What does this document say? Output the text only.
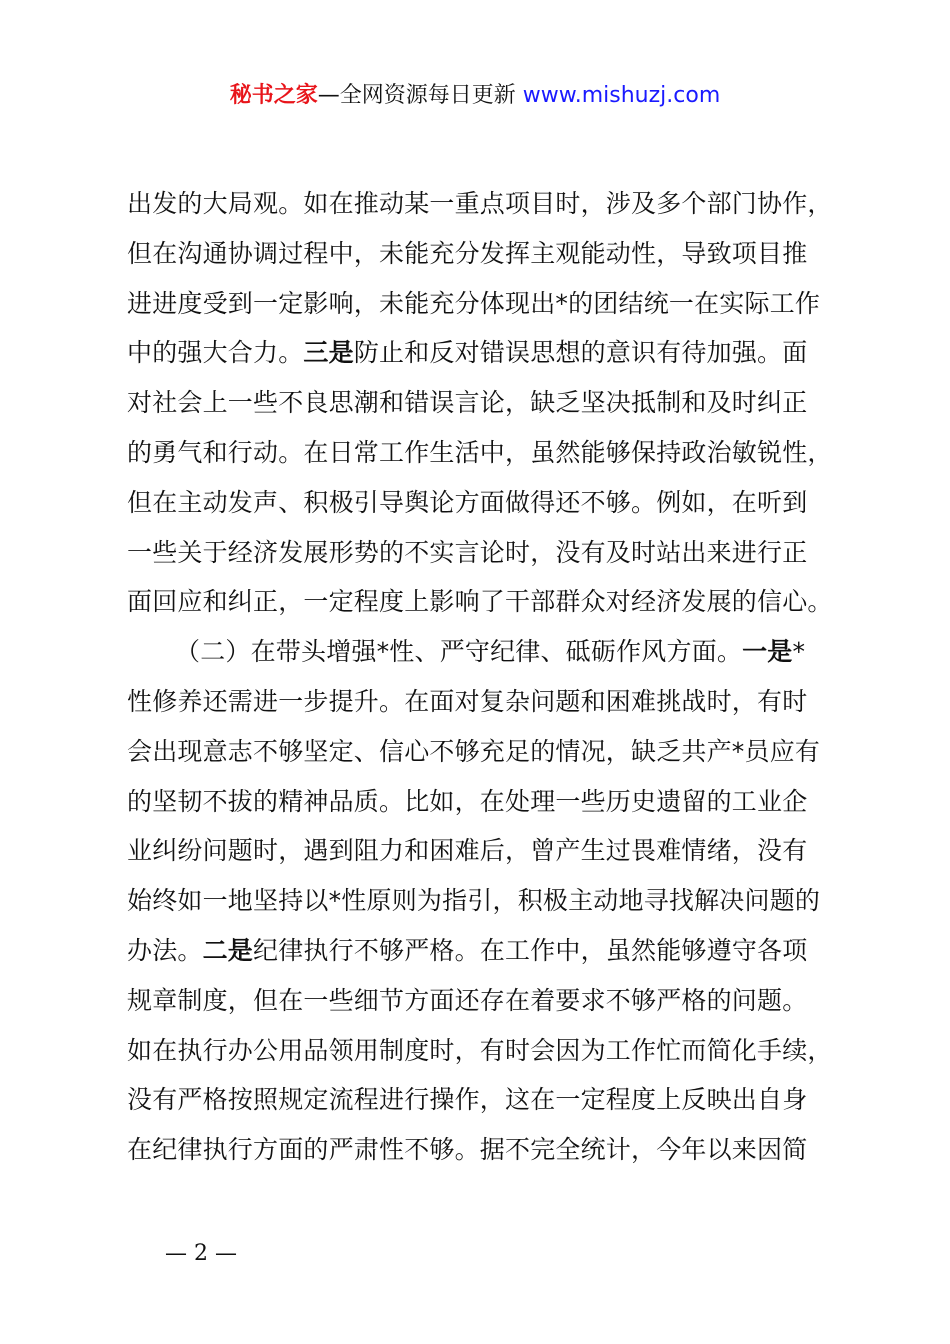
秘书之家—全网资源每日更新 www.mishuzj.com
出发的大局观。如在推动某一重点项目时，涉及多个部门协作，
但在沟通协调过程中，未能充分发挥主观能动性，导致项目推
进进度受到一定影响，未能充分体现出*的团结统一在实际工作
中的强大合力。三是防止和反对错误思想的意识有待加强。面
对社会上一些不良思潮和错误言论，缺乏坚决抵制和及时纠正
的勇气和行动。在日常工作生活中，虽然能够保持政治敏锐性，
但在主动发声、积极引导舆论方面做得还不够。例如，在听到
一些关于经济发展形势的不实言论时，没有及时站出来进行正
面回应和纠正，一定程度上影响了干部群众对经济发展的信心。
（二）在带头增强*性、严守纪律、砥砺作风方面。一是*
性修养还需进一步提升。在面对复杂问题和困难挑战时，有时
会出现意志不够坚定、信心不够充足的情况，缺乏共产*员应有
的坚韧不拔的精神品质。比如，在处理一些历史遗留的工业企
业纠纷问题时，遇到阻力和困难后，曾产生过畏难情绪，没有
始终如一地坚持以*性原则为指引，积极主动地寻找解决问题的
办法。二是纪律执行不够严格。在工作中，虽然能够遵守各项
规章制度，但在一些细节方面还存在着要求不够严格的问题。
如在执行办公用品领用制度时，有时会因为工作忙而简化手续，
没有严格按照规定流程进行操作，这在一定程度上反映出自身
在纪律执行方面的严肃性不够。据不完全统计，今年以来因简
— 2 —
